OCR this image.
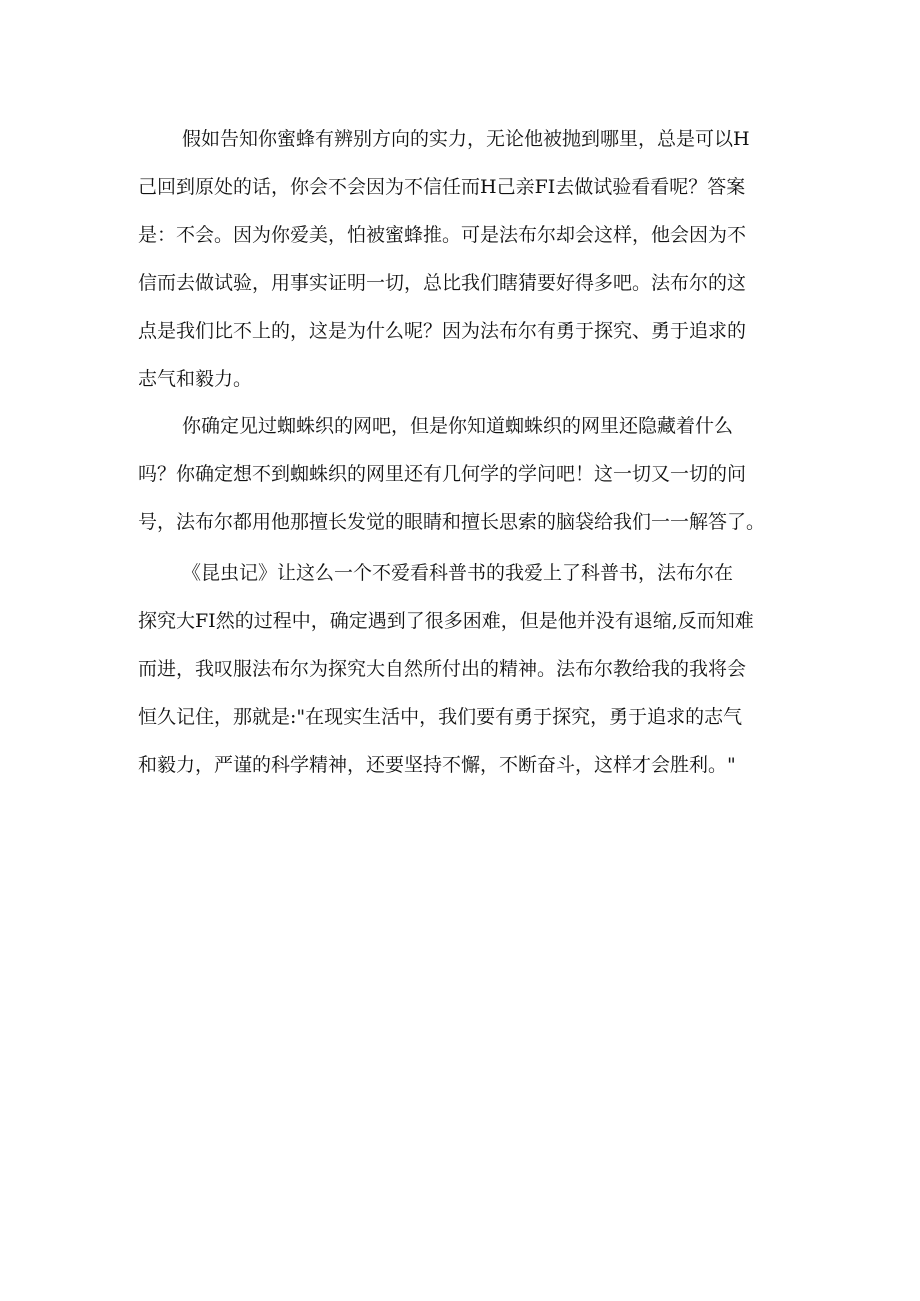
假如告知你蜜蜂有辨别方向的实力，无论他被抛到哪里，总是可以H
己回到原处的话，你会不会因为不信任而H己亲FI去做试验看看呢？答案
是：不会。因为你爱美，怕被蜜蜂推。可是法布尔却会这样，他会因为不
信而去做试验，用事实证明一切，总比我们瞎猜要好得多吧。法布尔的这
点是我们比不上的，这是为什么呢？因为法布尔有勇于探究、勇于追求的
志气和毅力。
你确定见过蜘蛛织的网吧，但是你知道蜘蛛织的网里还隐藏着什么
吗？你确定想不到蜘蛛织的网里还有几何学的学问吧！这一切又一切的问
号，法布尔都用他那擅长发觉的眼睛和擅长思索的脑袋给我们一一解答了。
《昆虫记》让这么一个不爱看科普书的我爱上了科普书，法布尔在
探究大FI然的过程中，确定遇到了很多困难，但是他并没有退缩,反而知难
而进，我叹服法布尔为探究大自然所付出的精神。法布尔教给我的我将会
恒久记住，那就是:"在现实生活中，我们要有勇于探究，勇于追求的志气
和毅力，严谨的科学精神，还要坚持不懈，不断奋斗，这样才会胜利。"
